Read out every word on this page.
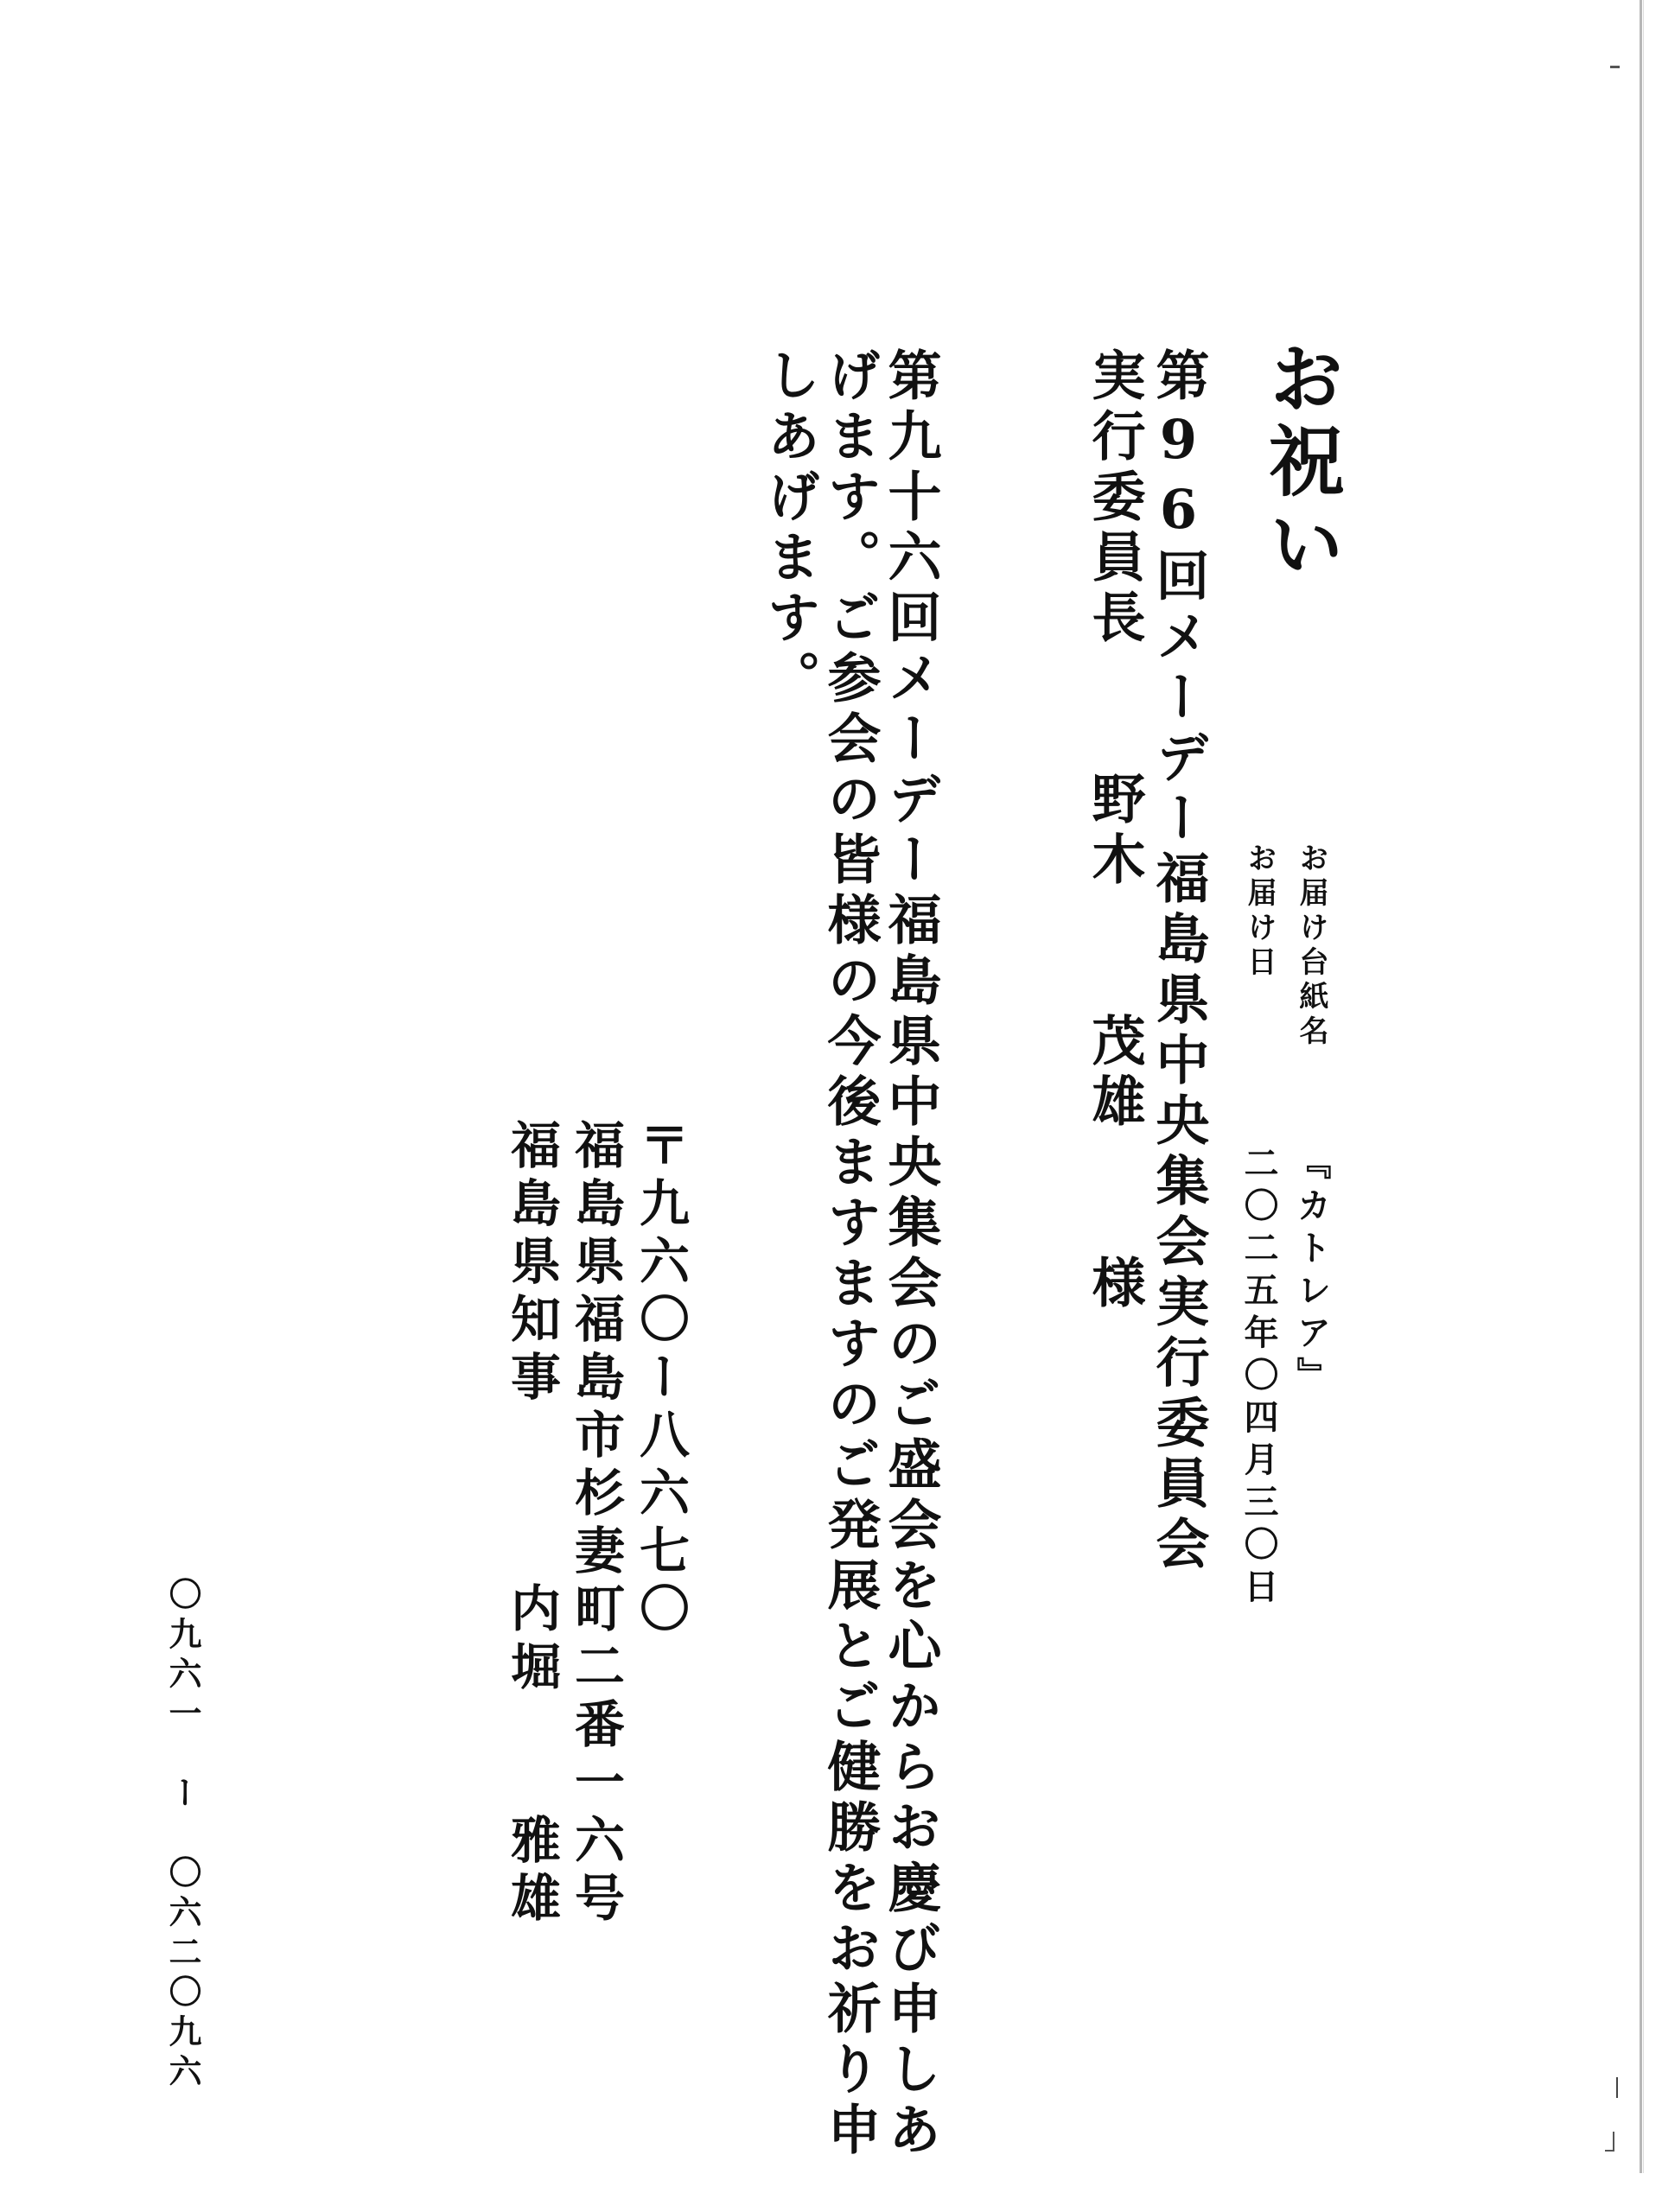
お祝い
第96回メーデー福島県中央集会実行委員会
実行委員長　　野木　　茂雄　　様	お届け台紙名
お届け日
『カトレア』
二〇二五年〇四月三〇日
第九十六回メーデー福島県中央集会のご盛会を心からお慶び申しあ
げます。ご参会の皆様の今後ますますのご発展とご健勝をお祈り申
しあげます。
〒九六〇ー八六七〇
福島県福島市杉妻町二番一六号
福島県知事　　　内堀　　雅雄
〇九六一　ー　〇六二〇九六
